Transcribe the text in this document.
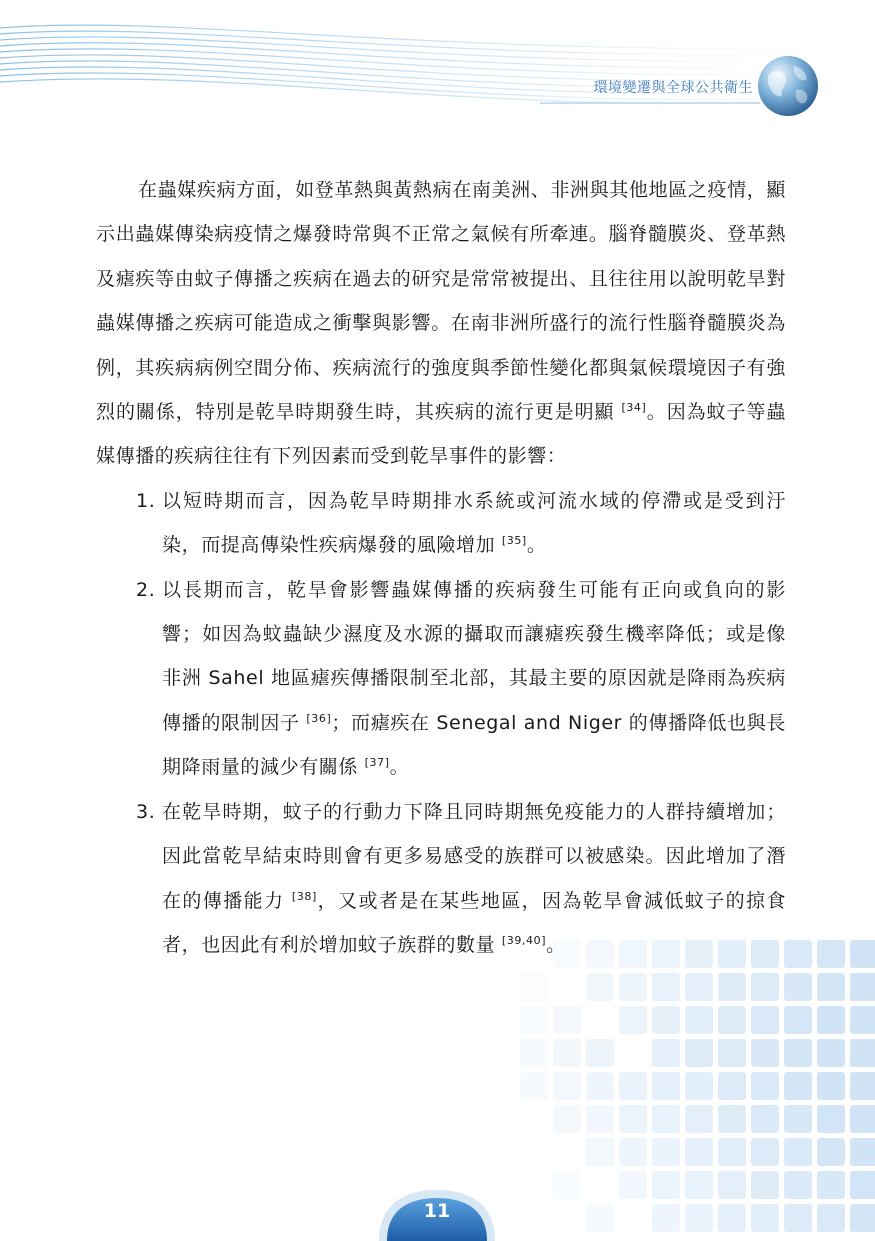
環境變遷與全球公共衛生

在蟲媒疾病方面，如登革熱與黃熱病在南美洲、非洲與其他地區之疫情，顯示出蟲媒傳染病疫情之爆發時常與不正常之氣候有所牽連。腦脊髓膜炎、登革熱及瘧疾等由蚊子傳播之疾病在過去的研究是常常被提出、且往往用以說明乾旱對蟲媒傳播之疾病可能造成之衝擊與影響。在南非洲所盛行的流行性腦脊髓膜炎為例，其疾病病例空間分佈、疾病流行的強度與季節性變化都與氣候環境因子有強烈的關係，特別是乾旱時期發生時，其疾病的流行更是明顯 [34]。因為蚊子等蟲媒傳播的疾病往往有下列因素而受到乾旱事件的影響：

1. 以短時期而言，因為乾旱時期排水系統或河流水域的停滯或是受到汙染，而提高傳染性疾病爆發的風險增加 [35]。
2. 以長期而言，乾旱會影響蟲媒傳播的疾病發生可能有正向或負向的影響；如因為蚊蟲缺少濕度及水源的攝取而讓瘧疾發生機率降低；或是像非洲 Sahel 地區瘧疾傳播限制至北部，其最主要的原因就是降雨為疾病傳播的限制因子 [36]；而瘧疾在 Senegal and Niger 的傳播降低也與長期降雨量的減少有關係 [37]。
3. 在乾旱時期，蚊子的行動力下降且同時期無免疫能力的人群持續增加；因此當乾旱結束時則會有更多易感受的族群可以被感染。因此增加了潛在的傳播能力 [38]，又或者是在某些地區，因為乾旱會減低蚊子的掠食者，也因此有利於增加蚊子族群的數量 [39,40]。
11
